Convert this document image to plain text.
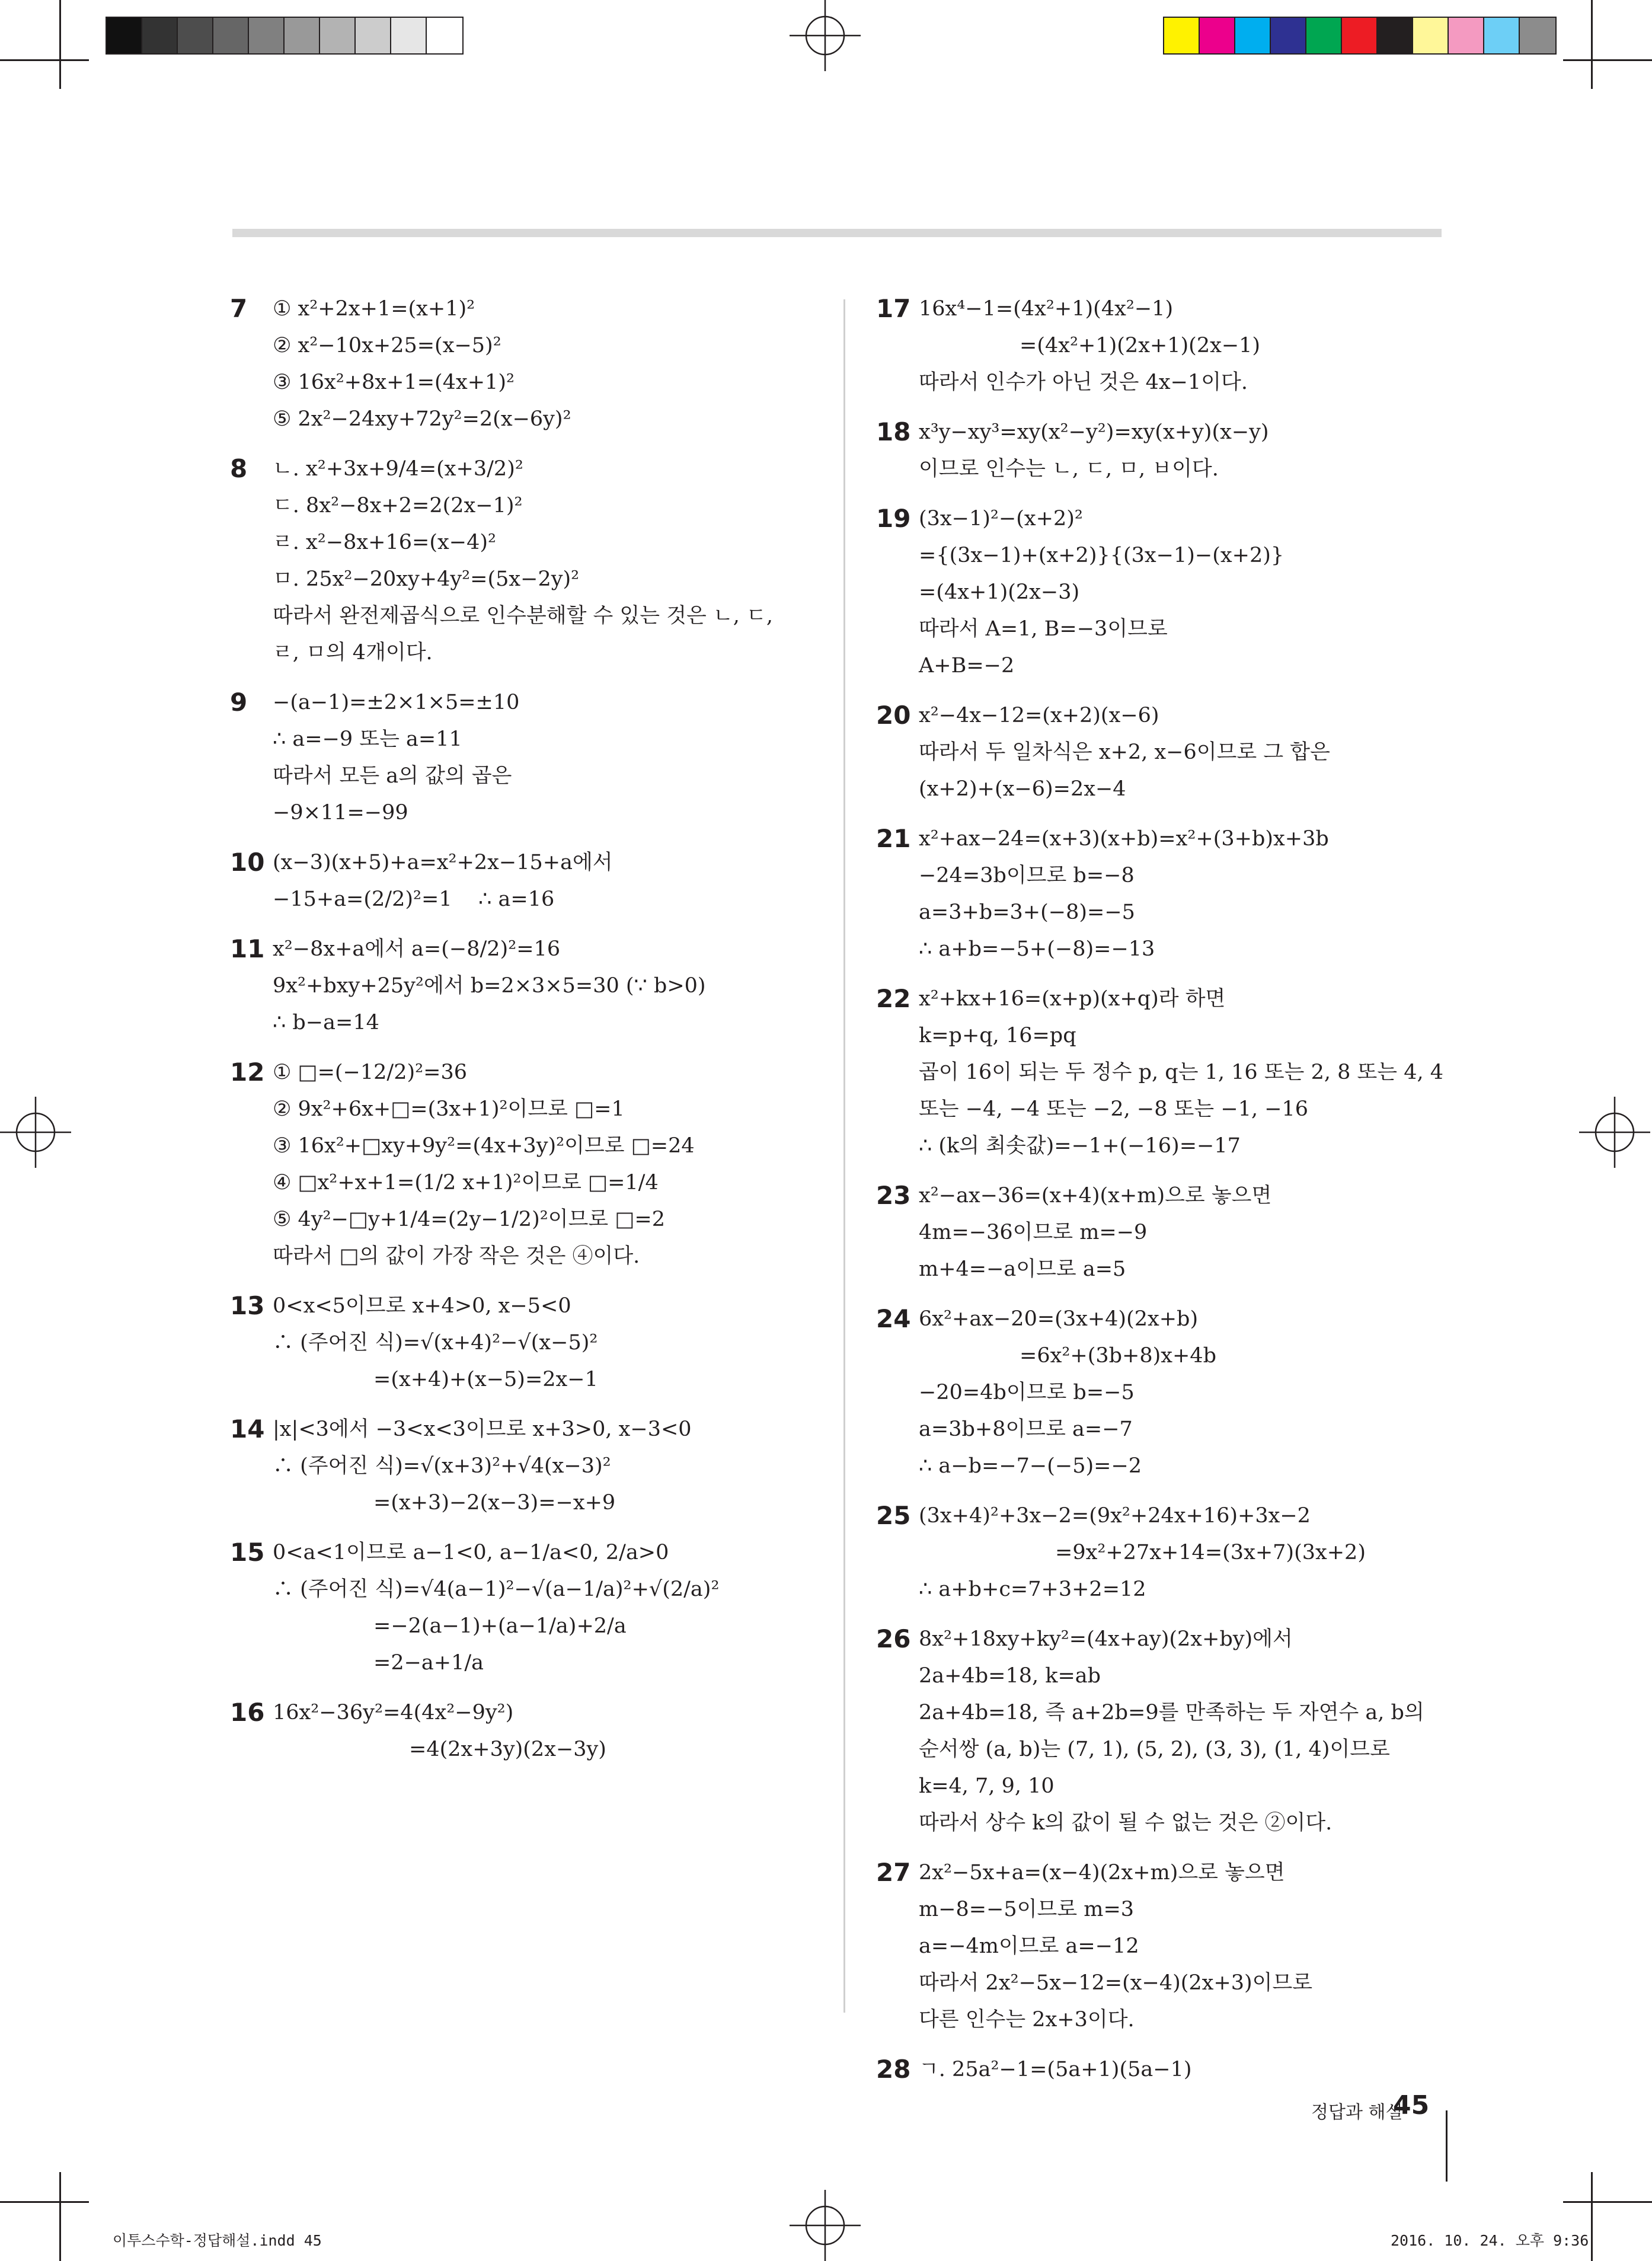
7 ① x²+2x+1=(x+1)²
② x²−10x+25=(x−5)²
③ 16x²+8x+1=(4x+1)²
⑤ 2x²−24xy+72y²=2(x−6y)²
8 ㄴ. x²+3x+9/4=(x+3/2)²
ㄷ. 8x²−8x+2=2(2x−1)²
ㄹ. x²−8x+16=(x−4)²
ㅁ. 25x²−20xy+4y²=(5x−2y)²
따라서 완전제곱식으로 인수분해할 수 있는 것은 ㄴ, ㄷ,
ㄹ, ㅁ의 4개이다.
9 −(a−1)=±2×1×5=±10
∴ a=−9 또는 a=11
따라서 모든 a의 값의 곱은
−9×11=−99
10 (x−3)(x+5)+a=x²+2x−15+a에서
−15+a=(2/2)²=1    ∴ a=16
11 x²−8x+a에서 a=(−8/2)²=16
9x²+bxy+25y²에서 b=2×3×5=30 (∵ b>0)
∴ b−a=14
12 ① □=(−12/2)²=36
② 9x²+6x+□=(3x+1)²이므로 □=1
③ 16x²+□xy+9y²=(4x+3y)²이므로 □=24
④ □x²+x+1=(1/2 x+1)²이므로 □=1/4
⑤ 4y²−□y+1/4=(2y−1/2)²이므로 □=2
따라서 □의 값이 가장 작은 것은 ④이다.
13 0<x<5이므로 x+4>0, x−5<0
∴ (주어진 식)=√(x+4)²−√(x−5)²
=(x+4)+(x−5)=2x−1
14 |x|<3에서 −3<x<3이므로 x+3>0, x−3<0
∴ (주어진 식)=√(x+3)²+√4(x−3)²
=(x+3)−2(x−3)=−x+9
15 0<a<1이므로 a−1<0, a−1/a<0, 2/a>0
∴ (주어진 식)=√4(a−1)²−√(a−1/a)²+√(2/a)²
=−2(a−1)+(a−1/a)+2/a
=2−a+1/a
16 16x²−36y²=4(4x²−9y²)
=4(2x+3y)(2x−3y)
17 16x⁴−1=(4x²+1)(4x²−1)
=(4x²+1)(2x+1)(2x−1)
따라서 인수가 아닌 것은 4x−1이다.
18 x³y−xy³=xy(x²−y²)=xy(x+y)(x−y)
이므로 인수는 ㄴ, ㄷ, ㅁ, ㅂ이다.
19 (3x−1)²−(x+2)²
={(3x−1)+(x+2)}{(3x−1)−(x+2)}
=(4x+1)(2x−3)
따라서 A=1, B=−3이므로
A+B=−2
20 x²−4x−12=(x+2)(x−6)
따라서 두 일차식은 x+2, x−6이므로 그 합은
(x+2)+(x−6)=2x−4
21 x²+ax−24=(x+3)(x+b)=x²+(3+b)x+3b
−24=3b이므로 b=−8
a=3+b=3+(−8)=−5
∴ a+b=−5+(−8)=−13
22 x²+kx+16=(x+p)(x+q)라 하면
k=p+q, 16=pq
곱이 16이 되는 두 정수 p, q는 1, 16 또는 2, 8 또는 4, 4
또는 −4, −4 또는 −2, −8 또는 −1, −16
∴ (k의 최솟값)=−1+(−16)=−17
23 x²−ax−36=(x+4)(x+m)으로 놓으면
4m=−36이므로 m=−9
m+4=−a이므로 a=5
24 6x²+ax−20=(3x+4)(2x+b)
=6x²+(3b+8)x+4b
−20=4b이므로 b=−5
a=3b+8이므로 a=−7
∴ a−b=−7−(−5)=−2
25 (3x+4)²+3x−2=(9x²+24x+16)+3x−2
=9x²+27x+14=(3x+7)(3x+2)
∴ a+b+c=7+3+2=12
26 8x²+18xy+ky²=(4x+ay)(2x+by)에서
2a+4b=18, k=ab
2a+4b=18, 즉 a+2b=9를 만족하는 두 자연수 a, b의
순서쌍 (a, b)는 (7, 1), (5, 2), (3, 3), (1, 4)이므로
k=4, 7, 9, 10
따라서 상수 k의 값이 될 수 없는 것은 ②이다.
27 2x²−5x+a=(x−4)(2x+m)으로 놓으면
m−8=−5이므로 m=3
a=−4m이므로 a=−12
따라서 2x²−5x−12=(x−4)(2x+3)이므로
다른 인수는 2x+3이다.
28 ㄱ. 25a²−1=(5a+1)(5a−1)
정답과 해설
45
이투스수학-정답해설.indd 45	2016. 10. 24. 오후 9:36
